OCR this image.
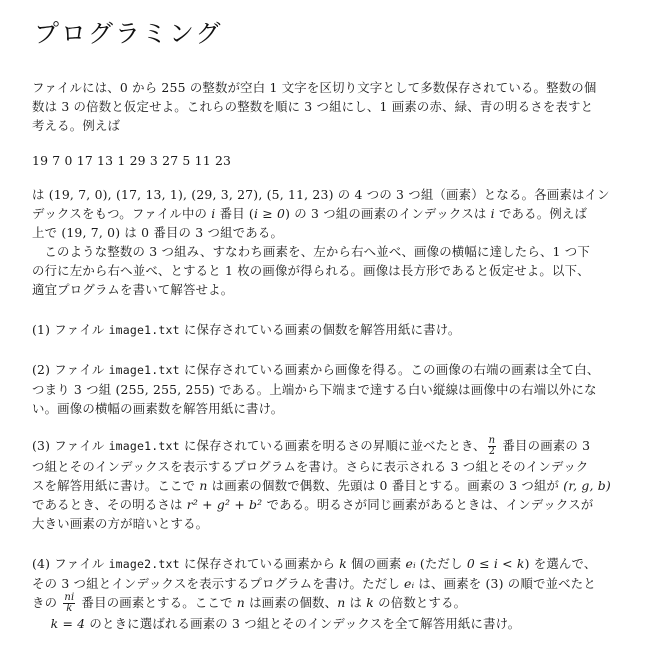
プログラミング
ファイルには、0 から 255 の整数が空白 1 文字を区切り文字として多数保存されている。整数の個
数は 3 の倍数と仮定せよ。これらの整数を順に 3 つ組にし、1 画素の赤、緑、青の明るさを表すと
考える。例えば
19 7 0 17 13 1 29 3 27 5 11 23
は (19, 7, 0), (17, 13, 1), (29, 3, 27), (5, 11, 23) の 4 つの 3 つ組（画素）となる。各画素はイン
デックスをもつ。ファイル中の i 番目 (i ≥ 0) の 3 つ組の画素のインデックスは i である。例えば
上で (19, 7, 0) は 0 番目の 3 つ組である。
このような整数の 3 つ組み、すなわち画素を、左から右へ並べ、画像の横幅に達したら、1 つ下
の行に左から右へ並べ、とすると 1 枚の画像が得られる。画像は長方形であると仮定せよ。以下、
適宜プログラムを書いて解答せよ。
(1) ファイル image1.txt に保存されている画素の個数を解答用紙に書け。
(2) ファイル image1.txt に保存されている画素から画像を得る。この画像の右端の画素は全て白、
つまり 3 つ組 (255, 255, 255) である。上端から下端まで達する白い縦線は画像中の右端以外にな
い。画像の横幅の画素数を解答用紙に書け。
(3) ファイル image1.txt に保存されている画素を明るさの昇順に並べたとき、 $\frac{n}{2}$ 番目の画素の 3
つ組とそのインデックスを表示するプログラムを書け。さらに表示される 3 つ組とそのインデック
スを解答用紙に書け。ここで n は画素の個数で偶数、先頭は 0 番目とする。画素の 3 つ組が (r, g, b)
であるとき、その明るさは r² + g² + b² である。明るさが同じ画素があるときは、インデックスが
大きい画素の方が暗いとする。
(4) ファイル image2.txt に保存されている画素から k 個の画素 eᵢ (ただし 0 ≤ i < k) を選んで、
その 3 つ組とインデックスを表示するプログラムを書け。ただし eᵢ は、画素を (3) の順で並べたと
きの $\frac{ni}{k}$ 番目の画素とする。ここで n は画素の個数、n は k の倍数とする。
k = 4 のときに選ばれる画素の 3 つ組とそのインデックスを全て解答用紙に書け。
